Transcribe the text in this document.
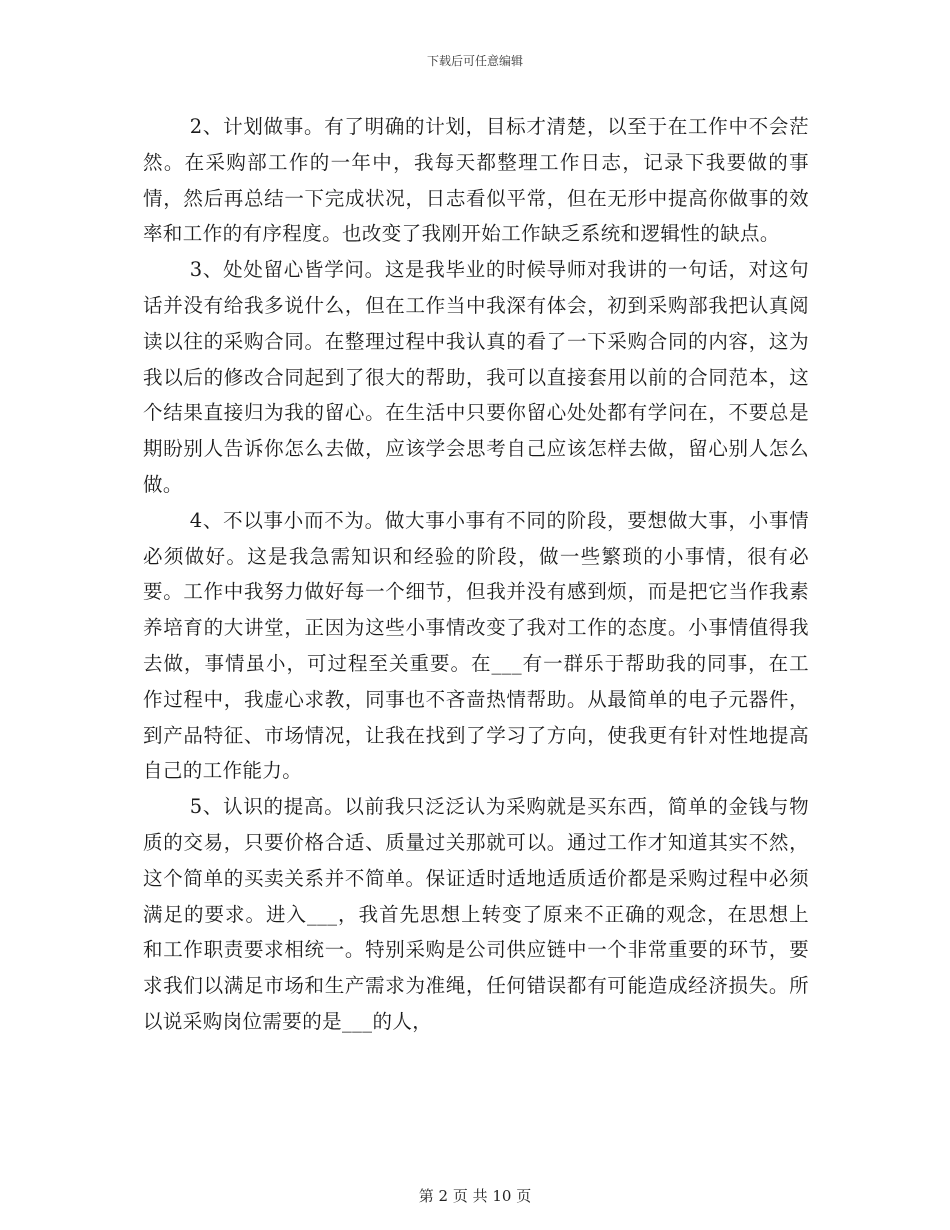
下载后可任意编辑

2、计划做事。有了明确的计划，目标才清楚，以至于在工作中不会茫然。在采购部工作的一年中，我每天都整理工作日志，记录下我要做的事情，然后再总结一下完成状况，日志看似平常，但在无形中提高你做事的效率和工作的有序程度。也改变了我刚开始工作缺乏系统和逻辑性的缺点。

3、处处留心皆学问。这是我毕业的时候导师对我讲的一句话，对这句话并没有给我多说什么，但在工作当中我深有体会，初到采购部我把认真阅读以往的采购合同。在整理过程中我认真的看了一下采购合同的内容，这为我以后的修改合同起到了很大的帮助，我可以直接套用以前的合同范本，这个结果直接归为我的留心。在生活中只要你留心处处都有学问在，不要总是期盼别人告诉你怎么去做，应该学会思考自己应该怎样去做，留心别人怎么做。

4、不以事小而不为。做大事小事有不同的阶段，要想做大事，小事情必须做好。这是我急需知识和经验的阶段，做一些繁琐的小事情，很有必要。工作中我努力做好每一个细节，但我并没有感到烦，而是把它当作我素养培育的大讲堂，正因为这些小事情改变了我对工作的态度。小事情值得我去做，事情虽小，可过程至关重要。在___有一群乐于帮助我的同事，在工作过程中，我虚心求教，同事也不吝啬热情帮助。从最简单的电子元器件，到产品特征、市场情况，让我在找到了学习了方向，使我更有针对性地提高自己的工作能力。

5、认识的提高。以前我只泛泛认为采购就是买东西，简单的金钱与物质的交易，只要价格合适、质量过关那就可以。通过工作才知道其实不然，这个简单的买卖关系并不简单。保证适时适地适质适价都是采购过程中必须满足的要求。进入___，我首先思想上转变了原来不正确的观念，在思想上和工作职责要求相统一。特别采购是公司供应链中一个非常重要的环节，要求我们以满足市场和生产需求为准绳，任何错误都有可能造成经济损失。所以说采购岗位需要的是___的人，

第 2 页 共 10 页
